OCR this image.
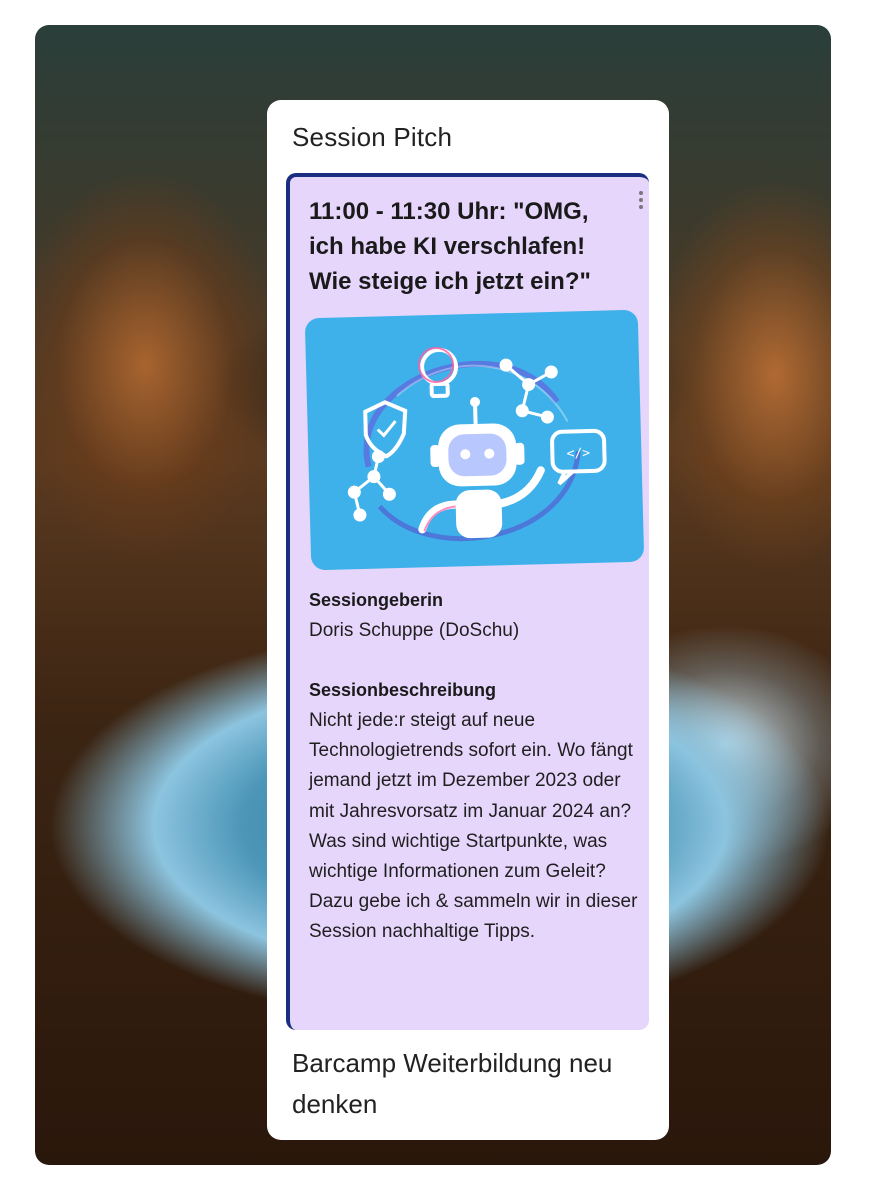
Session Pitch
11:00 - 11:30 Uhr: "OMG, ich habe KI verschlafen! Wie steige ich jetzt ein?"
</>
Sessiongeberin
Doris Schuppe (DoSchu)
Sessionbeschreibung
Nicht jede:r steigt auf neue Technologietrends sofort ein. Wo fängt jemand jetzt im Dezember 2023 oder mit Jahresvorsatz im Januar 2024 an? Was sind wichtige Startpunkte, was wichtige Informationen zum Geleit? Dazu gebe ich & sammeln wir in dieser Session nachhaltige Tipps.
Barcamp Weiterbildung neu denken
